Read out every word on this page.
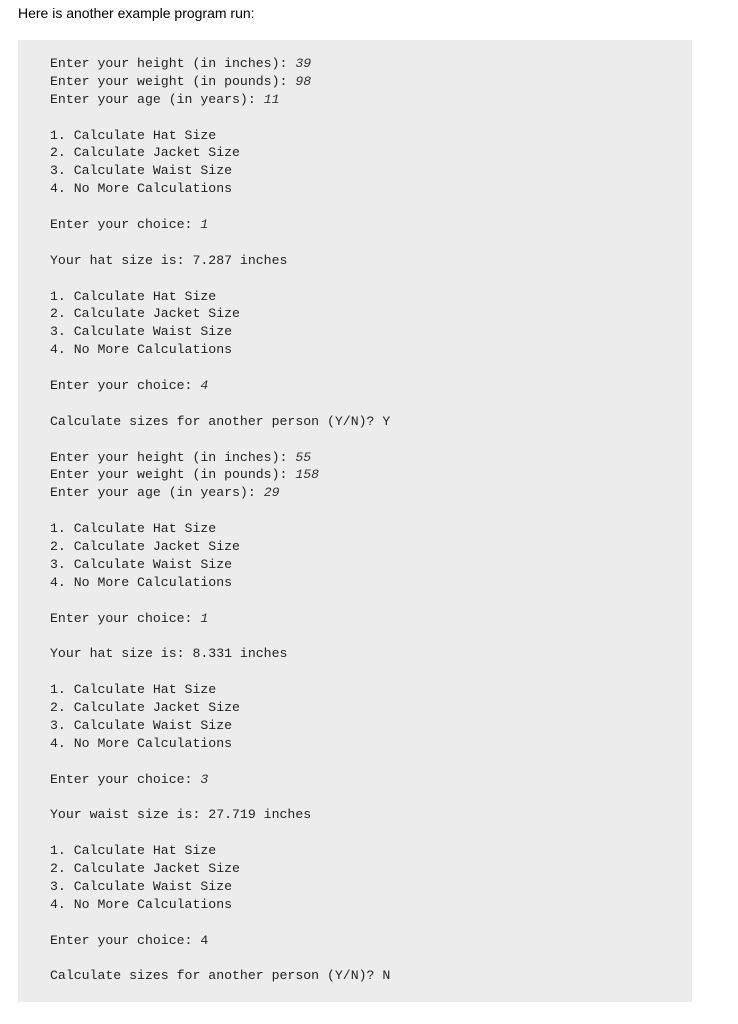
Here is another example program run:
Enter your height (in inches): 39
Enter your weight (in pounds): 98
Enter your age (in years): 11
1. Calculate Hat Size
2. Calculate Jacket Size
3. Calculate Waist Size
4. No More Calculations
Enter your choice: 1
Your hat size is: 7.287 inches
1. Calculate Hat Size
2. Calculate Jacket Size
3. Calculate Waist Size
4. No More Calculations
Enter your choice: 4
Calculate sizes for another person (Y/N)? Y
Enter your height (in inches): 55
Enter your weight (in pounds): 158
Enter your age (in years): 29
1. Calculate Hat Size
2. Calculate Jacket Size
3. Calculate Waist Size
4. No More Calculations
Enter your choice: 1
Your hat size is: 8.331 inches
1. Calculate Hat Size
2. Calculate Jacket Size
3. Calculate Waist Size
4. No More Calculations
Enter your choice: 3
Your waist size is: 27.719 inches
1. Calculate Hat Size
2. Calculate Jacket Size
3. Calculate Waist Size
4. No More Calculations
Enter your choice: 4
Calculate sizes for another person (Y/N)? N
